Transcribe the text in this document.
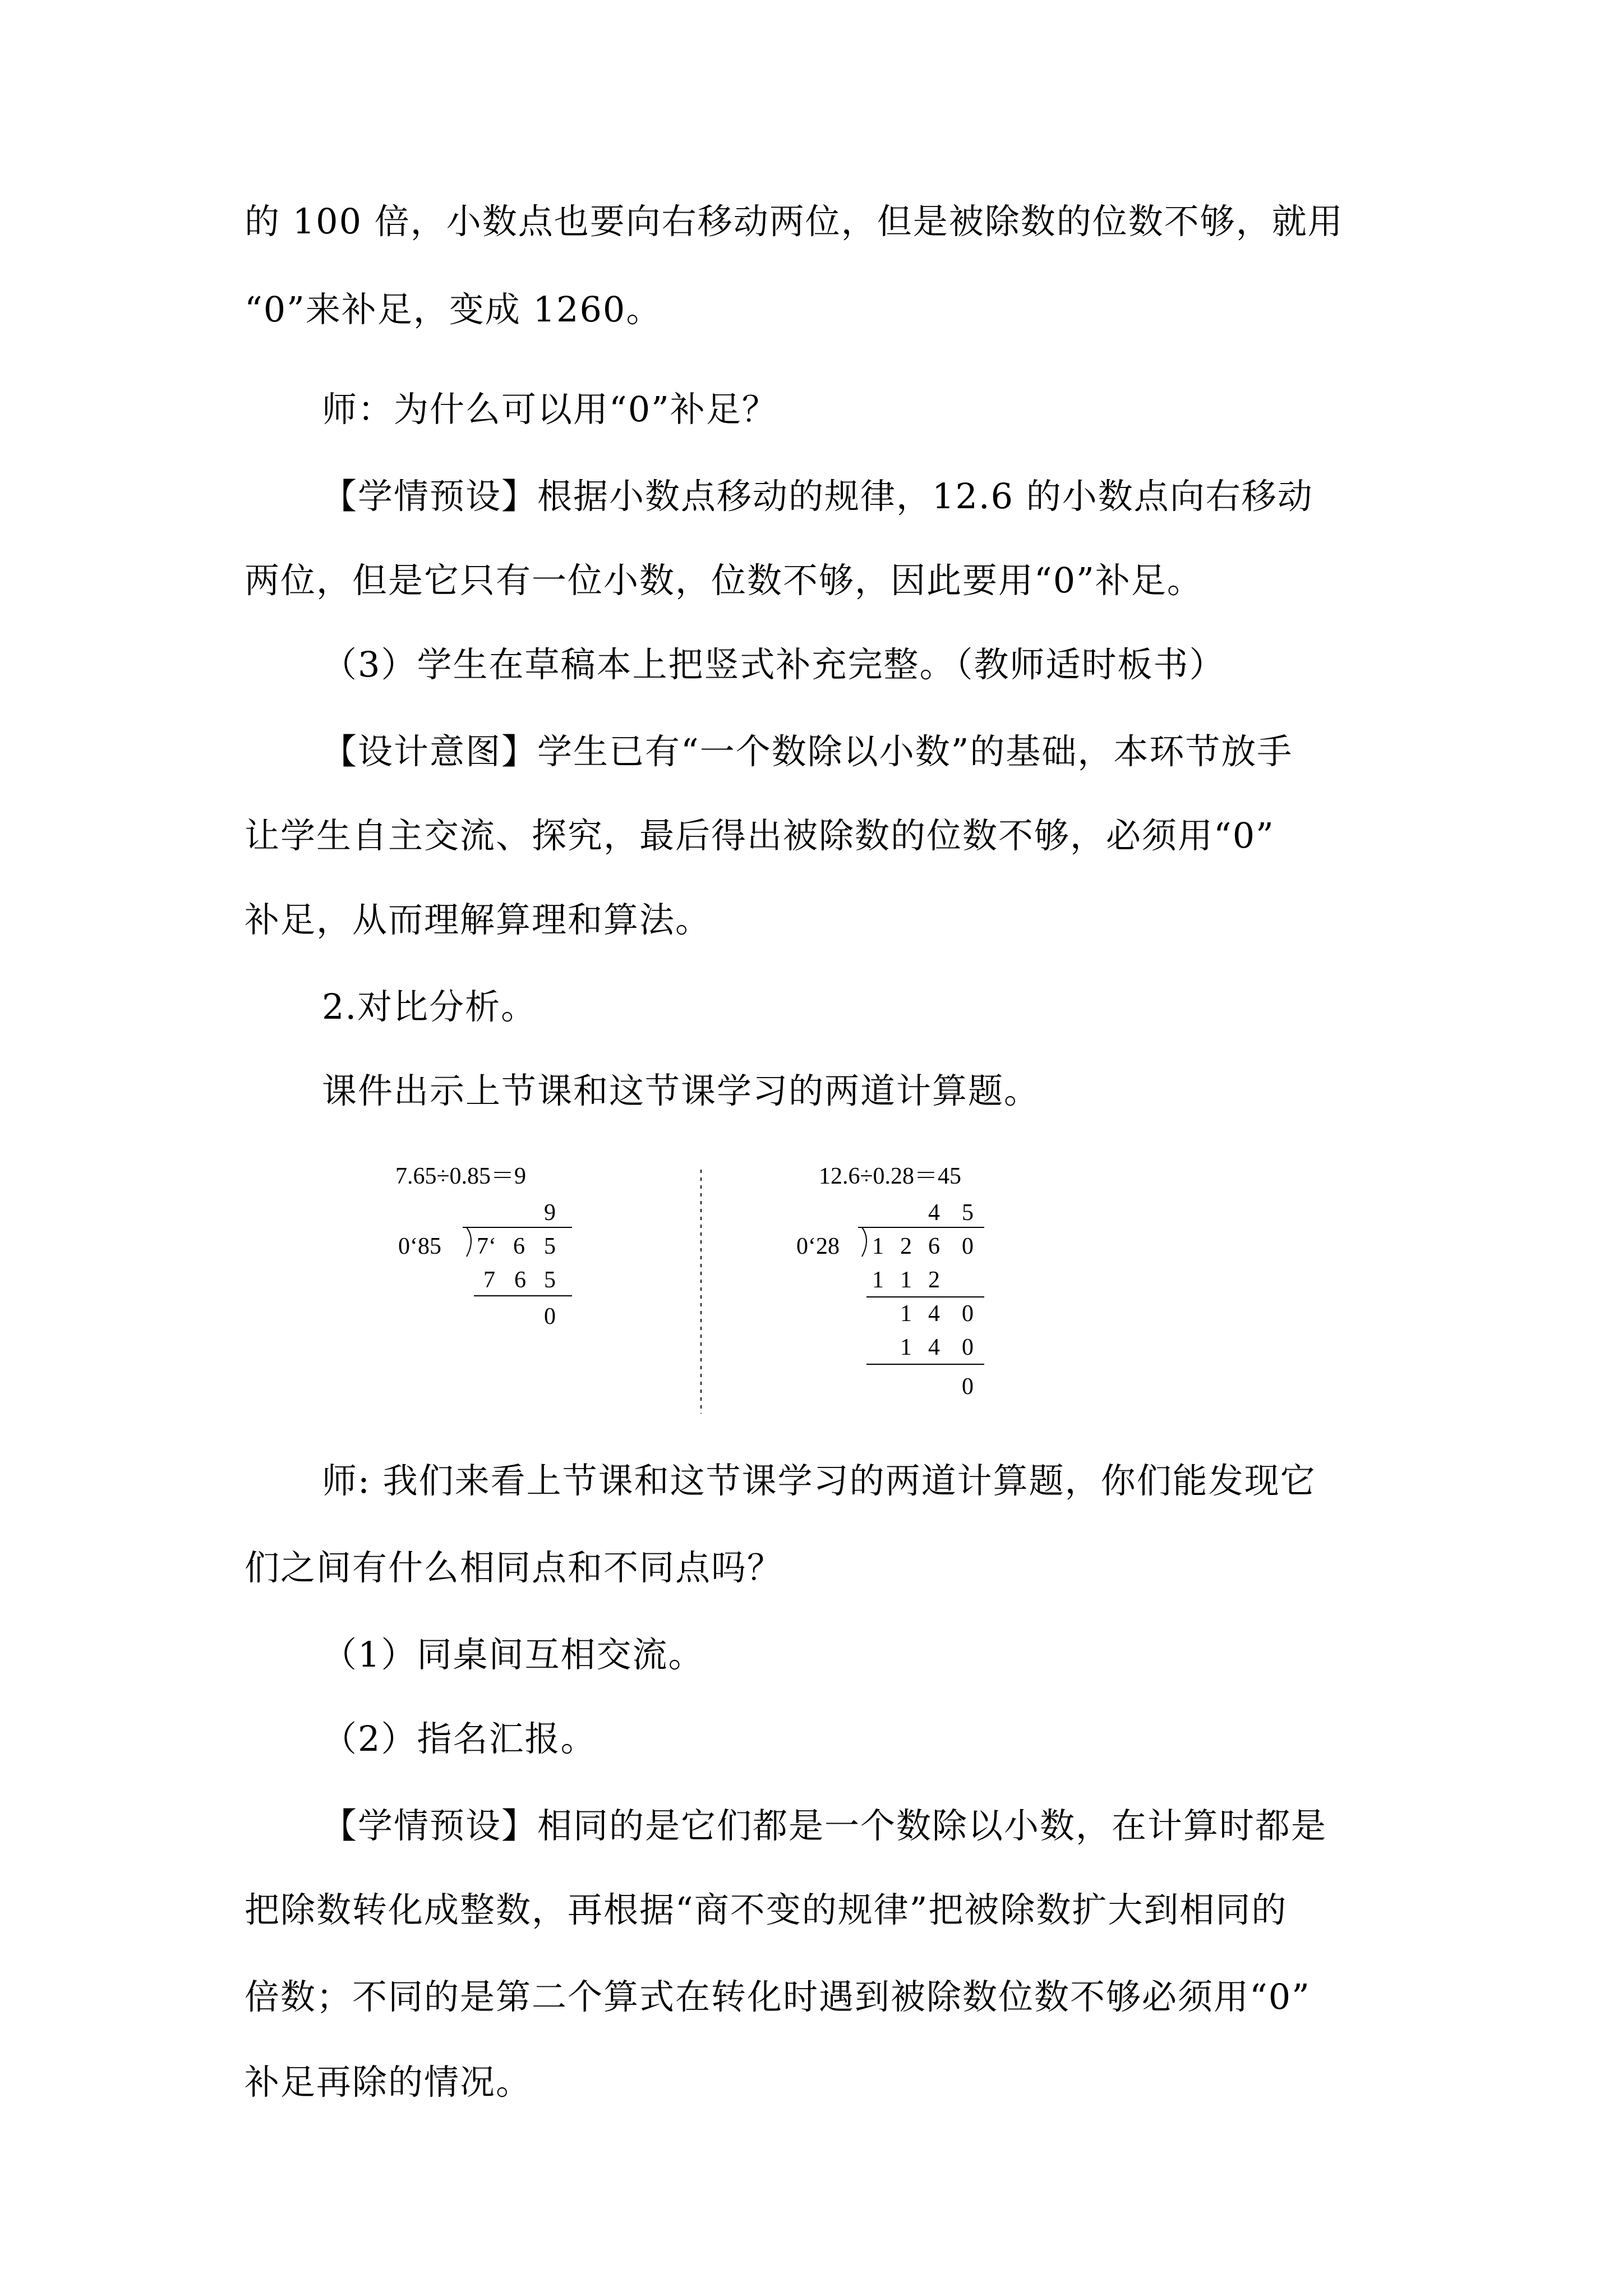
的 100 倍，小数点也要向右移动两位，但是被除数的位数不够，就用
“0”来补足，变成 1260。
师：为什么可以用“0”补足？
【学情预设】根据小数点移动的规律，12.6 的小数点向右移动
两位，但是它只有一位小数，位数不够，因此要用“0”补足。
（3）学生在草稿本上把竖式补充完整。（教师适时板书）
【设计意图】学生已有“一个数除以小数”的基础，本环节放手
让学生自主交流、探究，最后得出被除数的位数不够，必须用“0”
补足，从而理解算理和算法。
2.对比分析。
课件出示上节课和这节课学习的两道计算题。
7.65÷0.85＝9
9
0‘85 7‘ 6 5
7 6 5
0
12.6÷0.28＝45
4 5
0‘28 1 2 6 0
1 1 2
1 4 0
1 4 0
0
师: 我们来看上节课和这节课学习的两道计算题，你们能发现它
们之间有什么相同点和不同点吗？
（1）同桌间互相交流。
（2）指名汇报。
【学情预设】相同的是它们都是一个数除以小数，在计算时都是
把除数转化成整数，再根据“商不变的规律”把被除数扩大到相同的
倍数；不同的是第二个算式在转化时遇到被除数位数不够必须用“0”
补足再除的情况。
